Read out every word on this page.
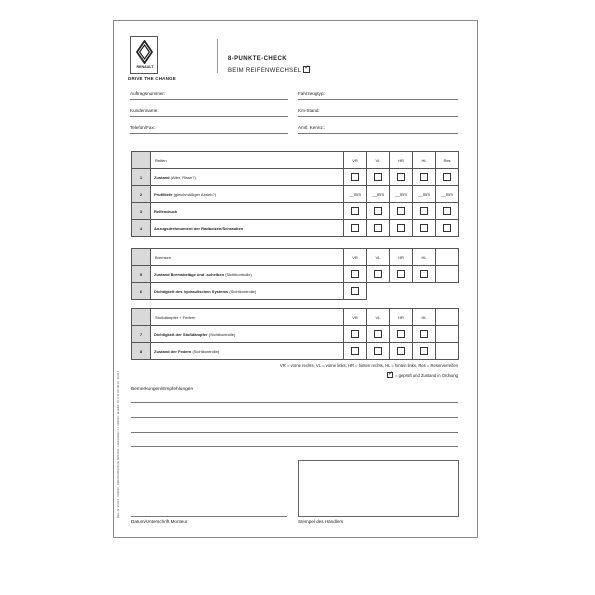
RENAULT
DRIVE THE CHANGE
8-PUNKTE-CHECK
BEIM REIFENWECHSEL✓
Auftragsnummer:	Fahrzeugtyp:
Kundenname:	Km-Stand:
Telefon/Fax:	Amtl. Kennz.:
	Reifen	VR	VL	HR	HL	Res
1	Zustand (Alter, Risse?)					
2	Profiltiefe (gleichmäßiger Abrieb?)	__mm	__mm	__mm	__mm	__mm
3	Reifendruck					
4	Anzugsdrehmoment der Radbolzen/Schrauben					
	Bremsen	VR	VL	HR	HL	
5	Zustand Bremsbeläge und -scheiben (Sichtkontrolle)					
6	Dichtigkeit des hydraulischen Systems (Sichtkontrolle)					
	Stoßdämpfer + Federn	VR	VL	HR	HL	
7	Dichtigkeit der Stoßdämpfer (Sichtkontrolle)					
8	Zustand der Federn (Sichtkontrolle)					
VR = vorne rechts, VL = vorne links, HR = hinten rechts, HL = hinten links, Res = Reserverreifen
✓= geprüft und Zustand in Ordnung
Bemerkungen/Empfehlungen
Datum/Unterschrift Monteur	Stempel des Händlers
Best.-Nr. 25-013 · 12/2013 · DIALOG-DRUCK AG SERVICE · Lebensdauer 1 J. 12/2013 · Ersteller: 04. 0.15 04 / 08.13 · 13 04 1
